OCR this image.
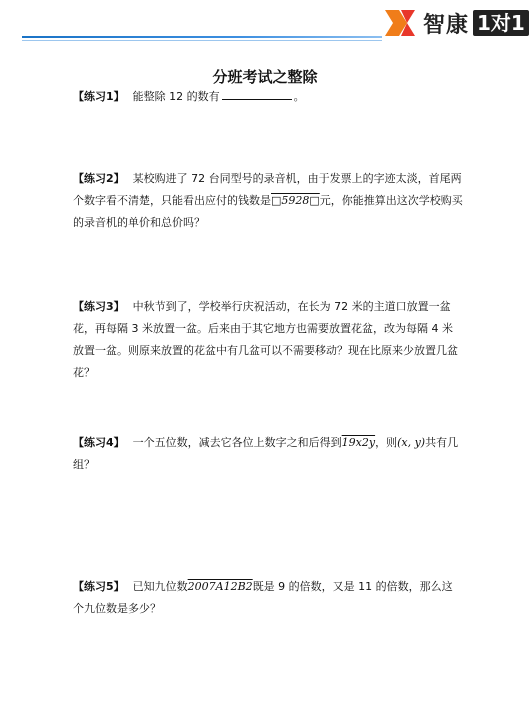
智康 1对1
分班考试之整除
【练习1】 能整除 12 的数有	。
【练习2】 某校购进了 72 台同型号的录音机，由于发票上的字迹太淡，首尾两个数字看不清楚，只能看出应付的钱数是□5928□元，你能推算出这次学校购买的录音机的单价和总价吗？
【练习3】 中秋节到了，学校举行庆祝活动，在长为 72 米的主道口放置一盆花，再每隔 3 米放置一盆。后来由于其它地方也需要放置花盆，改为每隔 4 米放置一盆。则原来放置的花盆中有几盆可以不需要移动？现在比原来少放置几盆花？
【练习4】 一个五位数，减去它各位上数字之和后得到19x2y，则(x, y)共有几组？
【练习5】 已知九位数2007A12B2既是 9 的倍数，又是 11 的倍数，那么这个九位数是多少？
